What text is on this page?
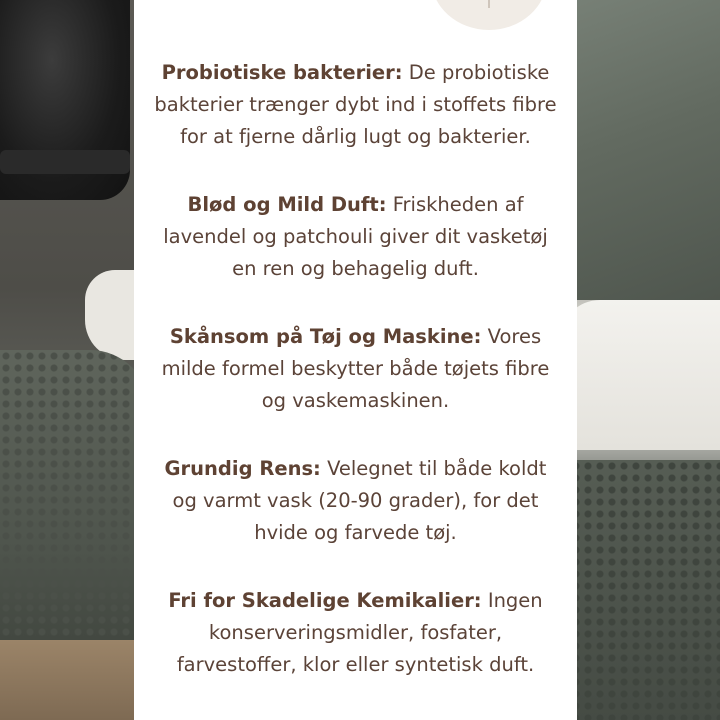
Probiotiske bakterier: De probiotiske bakterier trænger dybt ind i stoffets fibre for at fjerne dårlig lugt og bakterier.

Blød og Mild Duft: Friskheden af lavendel og patchouli giver dit vasketøj en ren og behagelig duft.

Skånsom på Tøj og Maskine: Vores milde formel beskytter både tøjets fibre og vaskemaskinen.

Grundig Rens: Velegnet til både koldt og varmt vask (20-90 grader), for det hvide og farvede tøj.

Fri for Skadelige Kemikalier: Ingen konserveringsmidler, fosfater, farvestoffer, klor eller syntetisk duft.
